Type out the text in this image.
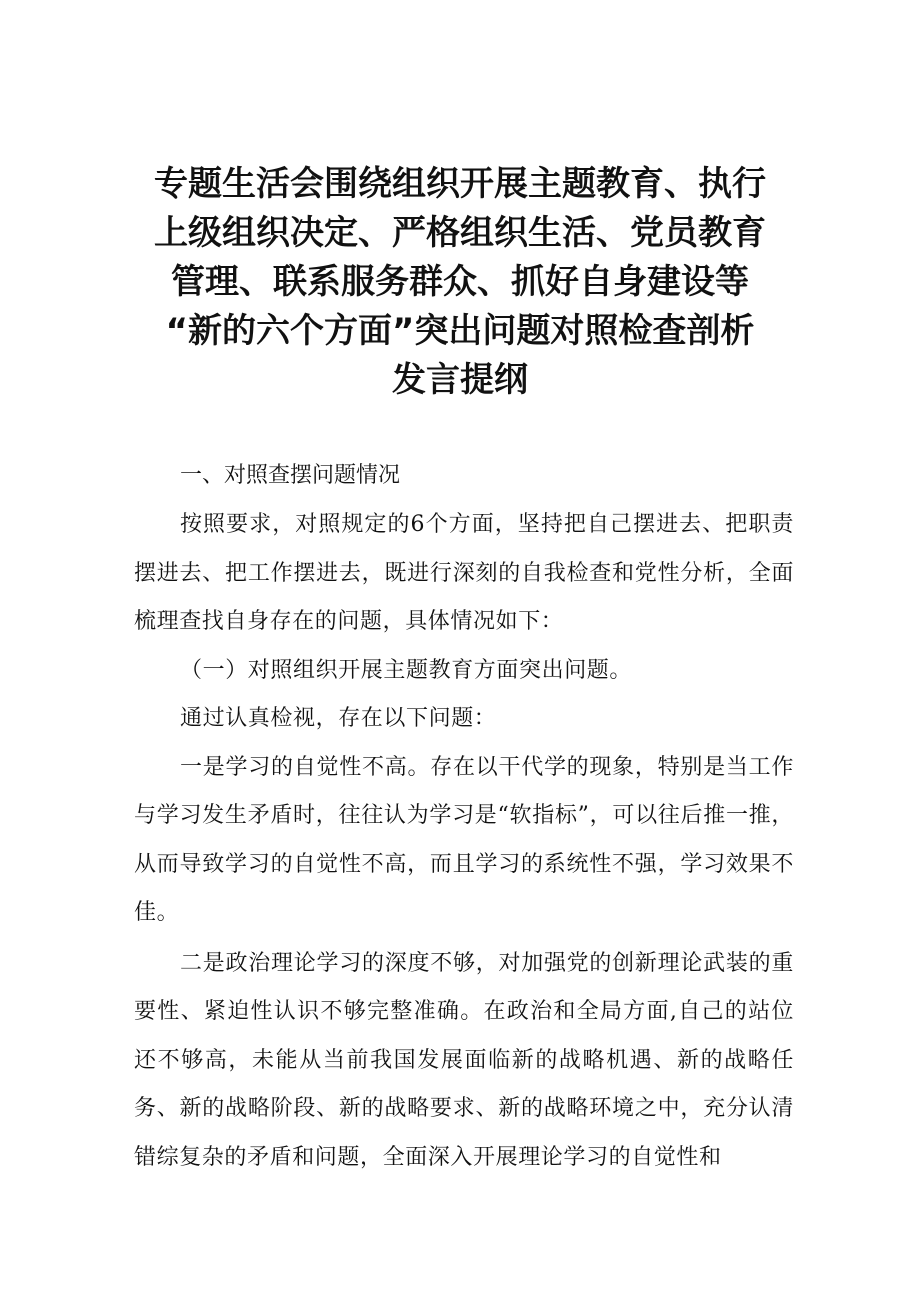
专题生活会围绕组织开展主题教育、执行
上级组织决定、严格组织生活、党员教育
管理、联系服务群众、抓好自身建设等
“新的六个方面”突出问题对照检查剖析
发言提纲
一、对照查摆问题情况

按照要求，对照规定的6个方面，坚持把自己摆进去、把职责摆进去、把工作摆进去，既进行深刻的自我检查和党性分析，全面梳理查找自身存在的问题，具体情况如下：

（一）对照组织开展主题教育方面突出问题。
通过认真检视，存在以下问题：

一是学习的自觉性不高。存在以干代学的现象，特别是当工作与学习发生矛盾时，往往认为学习是“软指标”，可以往后推一推，从而导致学习的自觉性不高，而且学习的系统性不强，学习效果不佳。

二是政治理论学习的深度不够，对加强党的创新理论武装的重要性、紧迫性认识不够完整准确。在政治和全局方面,自己的站位还不够高，未能从当前我国发展面临新的战略机遇、新的战略任务、新的战略阶段、新的战略要求、新的战略环境之中，充分认清错综复杂的矛盾和问题，全面深入开展理论学习的自觉性和
